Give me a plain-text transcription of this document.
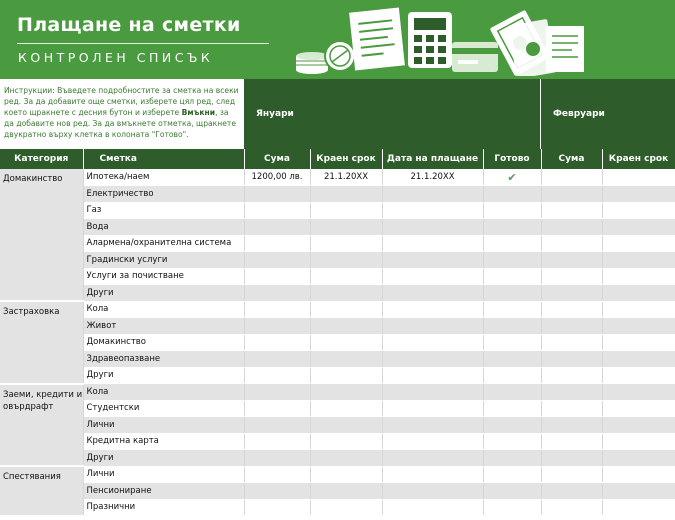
Плащане на сметки
КОНТРОЛЕН СПИСЪК
Инструкции: Въведете подробностите за сметка на всеки ред. За да добавите още сметки, изберете цял ред, след което щракнете с десния бутон и изберете Вмъкни, за да добавите нов ред. За да вмъкнете отметка, щракнете двукратно върху клетка в колоната "Готово".
Януари	Февруари
Категория	Сметка	Сума	Краен срок	Дата на плащане	Готово	Сума	Краен срок
Домакинство	Ипотека/наем	1200,00 лв.	21.1.20XX	21.1.20XX	✔		
	Електричество						
	Газ						
	Вода						
	Алармена/охранителна система						
	Градински услуги						
	Услуги за почистване						
	Други						
Застраховка	Кола						
	Живот						
	Домакинство						
	Здравеопазване						
	Други						
Заеми, кредити и овърдрафт	Кола						
	Студентски						
	Лични						
	Кредитна карта						
	Други						
Спестявания	Лични						
	Пенсиониране						
	Празнични						
